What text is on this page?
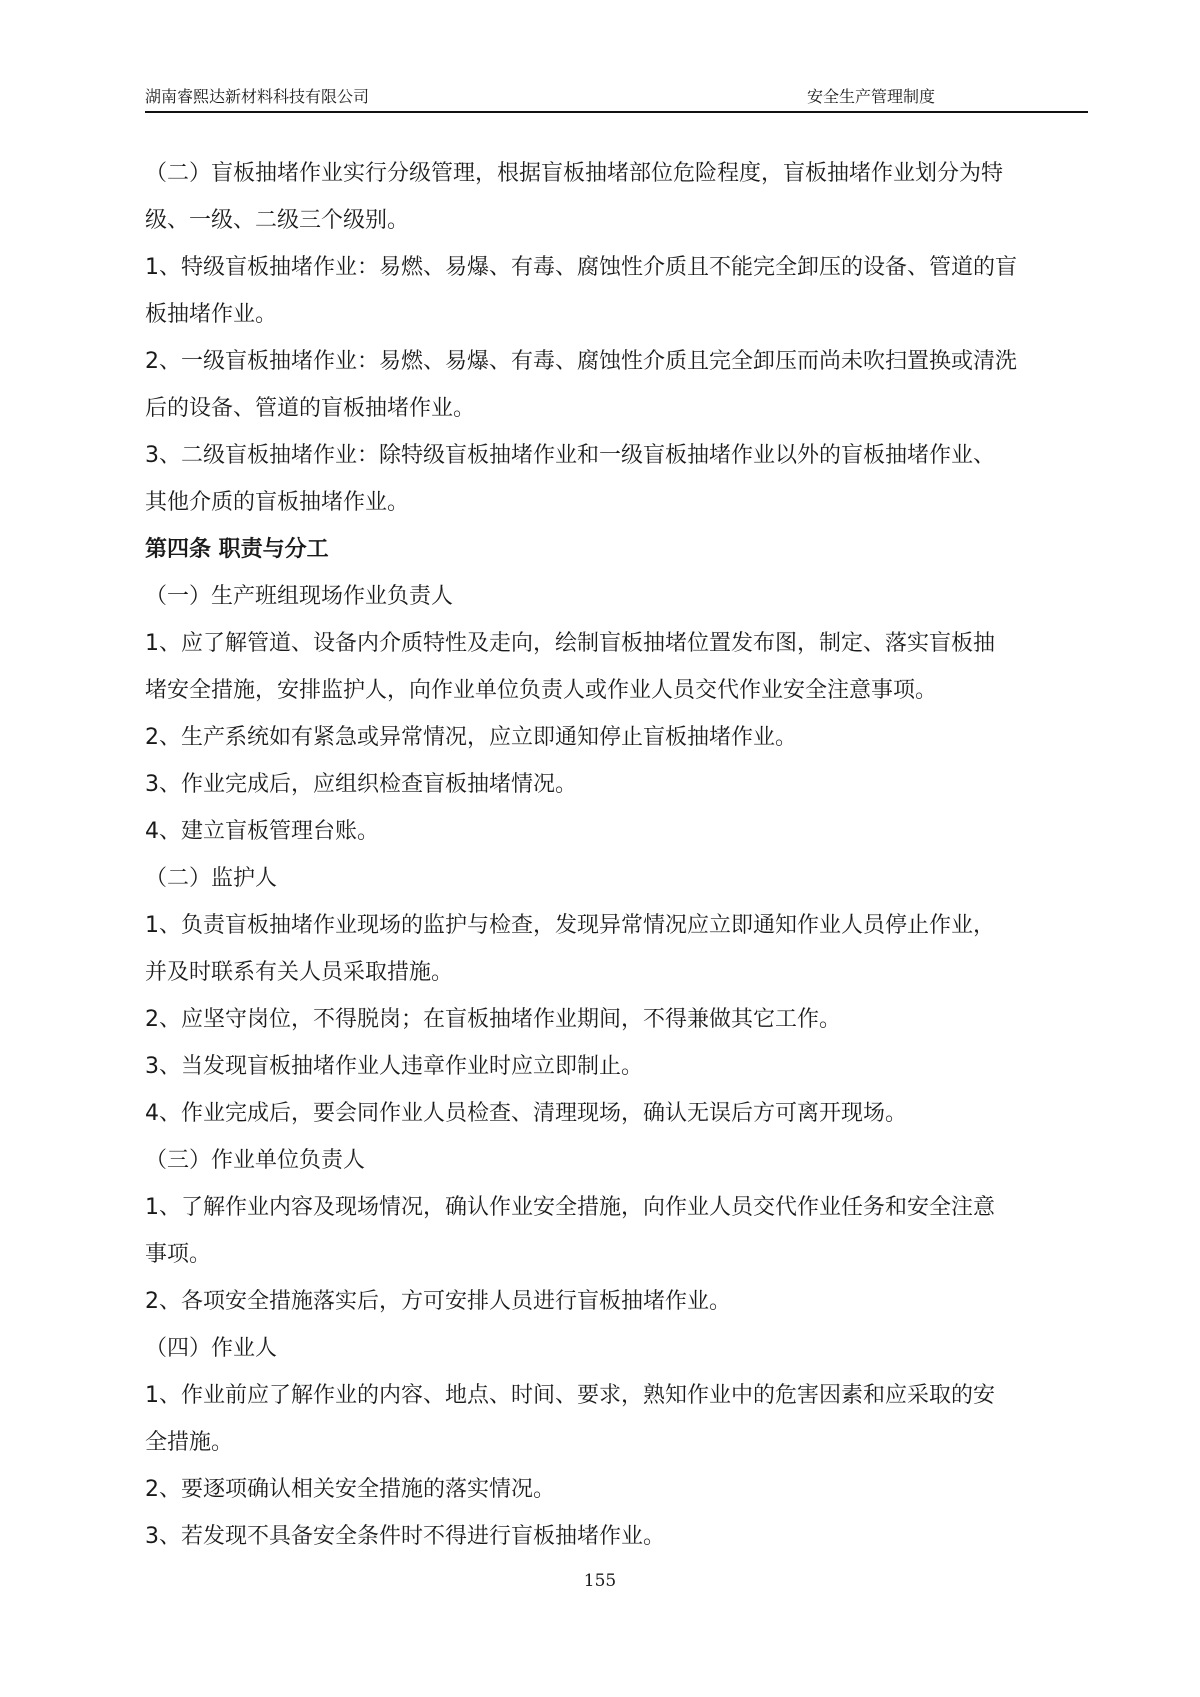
湖南睿熙达新材料科技有限公司	安全生产管理制度
（二）盲板抽堵作业实行分级管理，根据盲板抽堵部位危险程度，盲板抽堵作业划分为特
级、一级、二级三个级别。
1、特级盲板抽堵作业：易燃、易爆、有毒、腐蚀性介质且不能完全卸压的设备、管道的盲
板抽堵作业。
2、一级盲板抽堵作业：易燃、易爆、有毒、腐蚀性介质且完全卸压而尚未吹扫置换或清洗
后的设备、管道的盲板抽堵作业。
3、二级盲板抽堵作业：除特级盲板抽堵作业和一级盲板抽堵作业以外的盲板抽堵作业、
其他介质的盲板抽堵作业。
第四条 职责与分工
（一）生产班组现场作业负责人
1、应了解管道、设备内介质特性及走向，绘制盲板抽堵位置发布图，制定、落实盲板抽
堵安全措施，安排监护人，向作业单位负责人或作业人员交代作业安全注意事项。
2、生产系统如有紧急或异常情况，应立即通知停止盲板抽堵作业。
3、作业完成后，应组织检查盲板抽堵情况。
4、建立盲板管理台账。
（二）监护人
1、负责盲板抽堵作业现场的监护与检查，发现异常情况应立即通知作业人员停止作业，
并及时联系有关人员采取措施。
2、应坚守岗位，不得脱岗；在盲板抽堵作业期间，不得兼做其它工作。
3、当发现盲板抽堵作业人违章作业时应立即制止。
4、作业完成后，要会同作业人员检查、清理现场，确认无误后方可离开现场。
（三）作业单位负责人
1、了解作业内容及现场情况，确认作业安全措施，向作业人员交代作业任务和安全注意
事项。
2、各项安全措施落实后，方可安排人员进行盲板抽堵作业。
（四）作业人
1、作业前应了解作业的内容、地点、时间、要求，熟知作业中的危害因素和应采取的安
全措施。
2、要逐项确认相关安全措施的落实情况。
3、若发现不具备安全条件时不得进行盲板抽堵作业。
155
